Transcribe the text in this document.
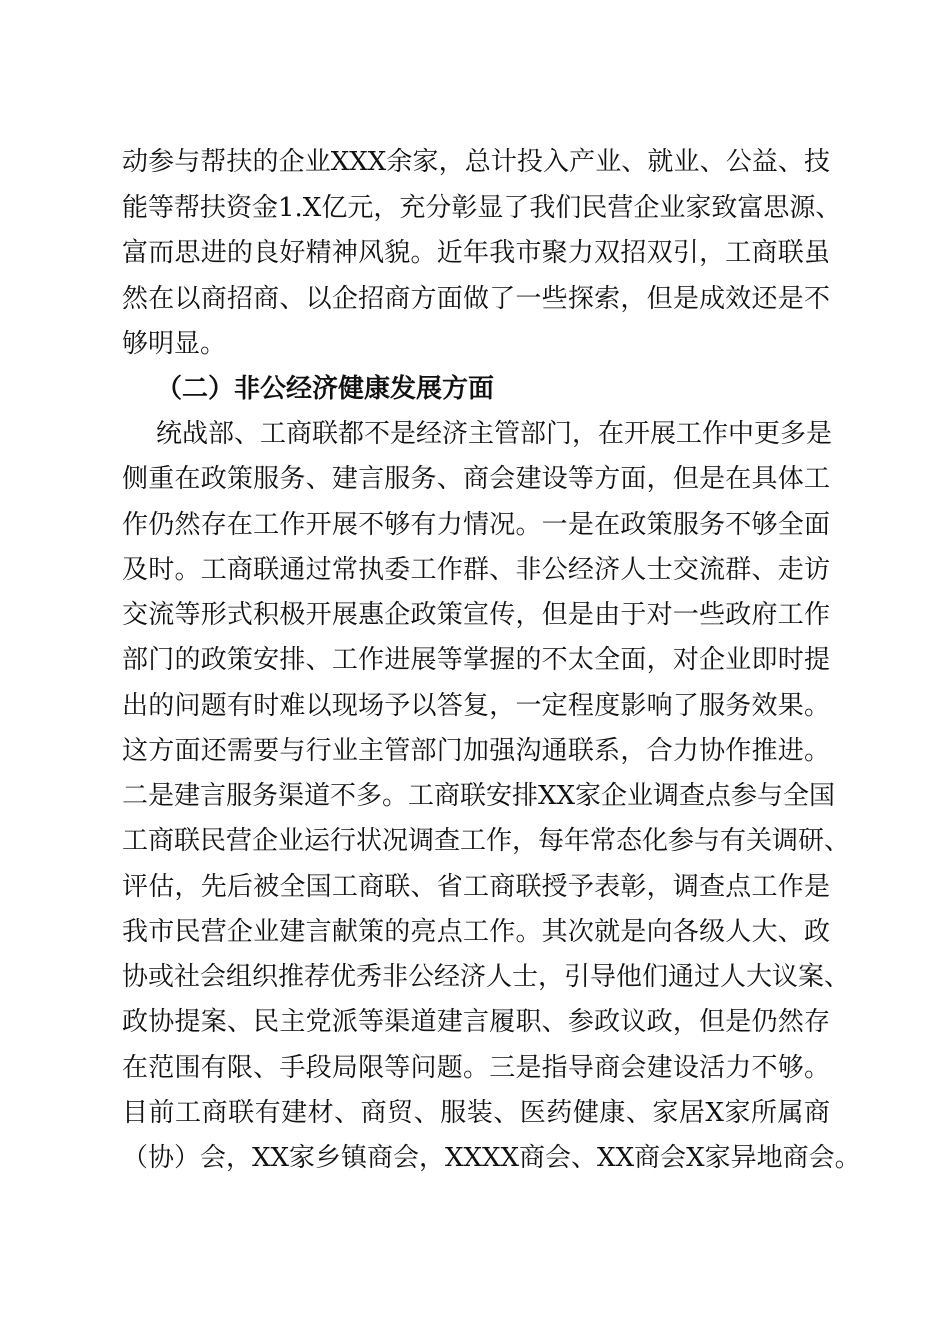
动参与帮扶的企业XXX余家，总计投入产业、就业、公益、技
能等帮扶资金1.X亿元，充分彰显了我们民营企业家致富思源、
富而思进的良好精神风貌。近年我市聚力双招双引，工商联虽
然在以商招商、以企招商方面做了一些探索，但是成效还是不
够明显。
（二）非公经济健康发展方面
统战部、工商联都不是经济主管部门，在开展工作中更多是
侧重在政策服务、建言服务、商会建设等方面，但是在具体工
作仍然存在工作开展不够有力情况。一是在政策服务不够全面
及时。工商联通过常执委工作群、非公经济人士交流群、走访
交流等形式积极开展惠企政策宣传，但是由于对一些政府工作
部门的政策安排、工作进展等掌握的不太全面，对企业即时提
出的问题有时难以现场予以答复，一定程度影响了服务效果。
这方面还需要与行业主管部门加强沟通联系，合力协作推进。
二是建言服务渠道不多。工商联安排XX家企业调查点参与全国
工商联民营企业运行状况调查工作，每年常态化参与有关调研、
评估，先后被全国工商联、省工商联授予表彰，调查点工作是
我市民营企业建言献策的亮点工作。其次就是向各级人大、政
协或社会组织推荐优秀非公经济人士，引导他们通过人大议案、
政协提案、民主党派等渠道建言履职、参政议政，但是仍然存
在范围有限、手段局限等问题。三是指导商会建设活力不够。
目前工商联有建材、商贸、服装、医药健康、家居X家所属商
（协）会，XX家乡镇商会，XXXX商会、XX商会X家异地商会。
